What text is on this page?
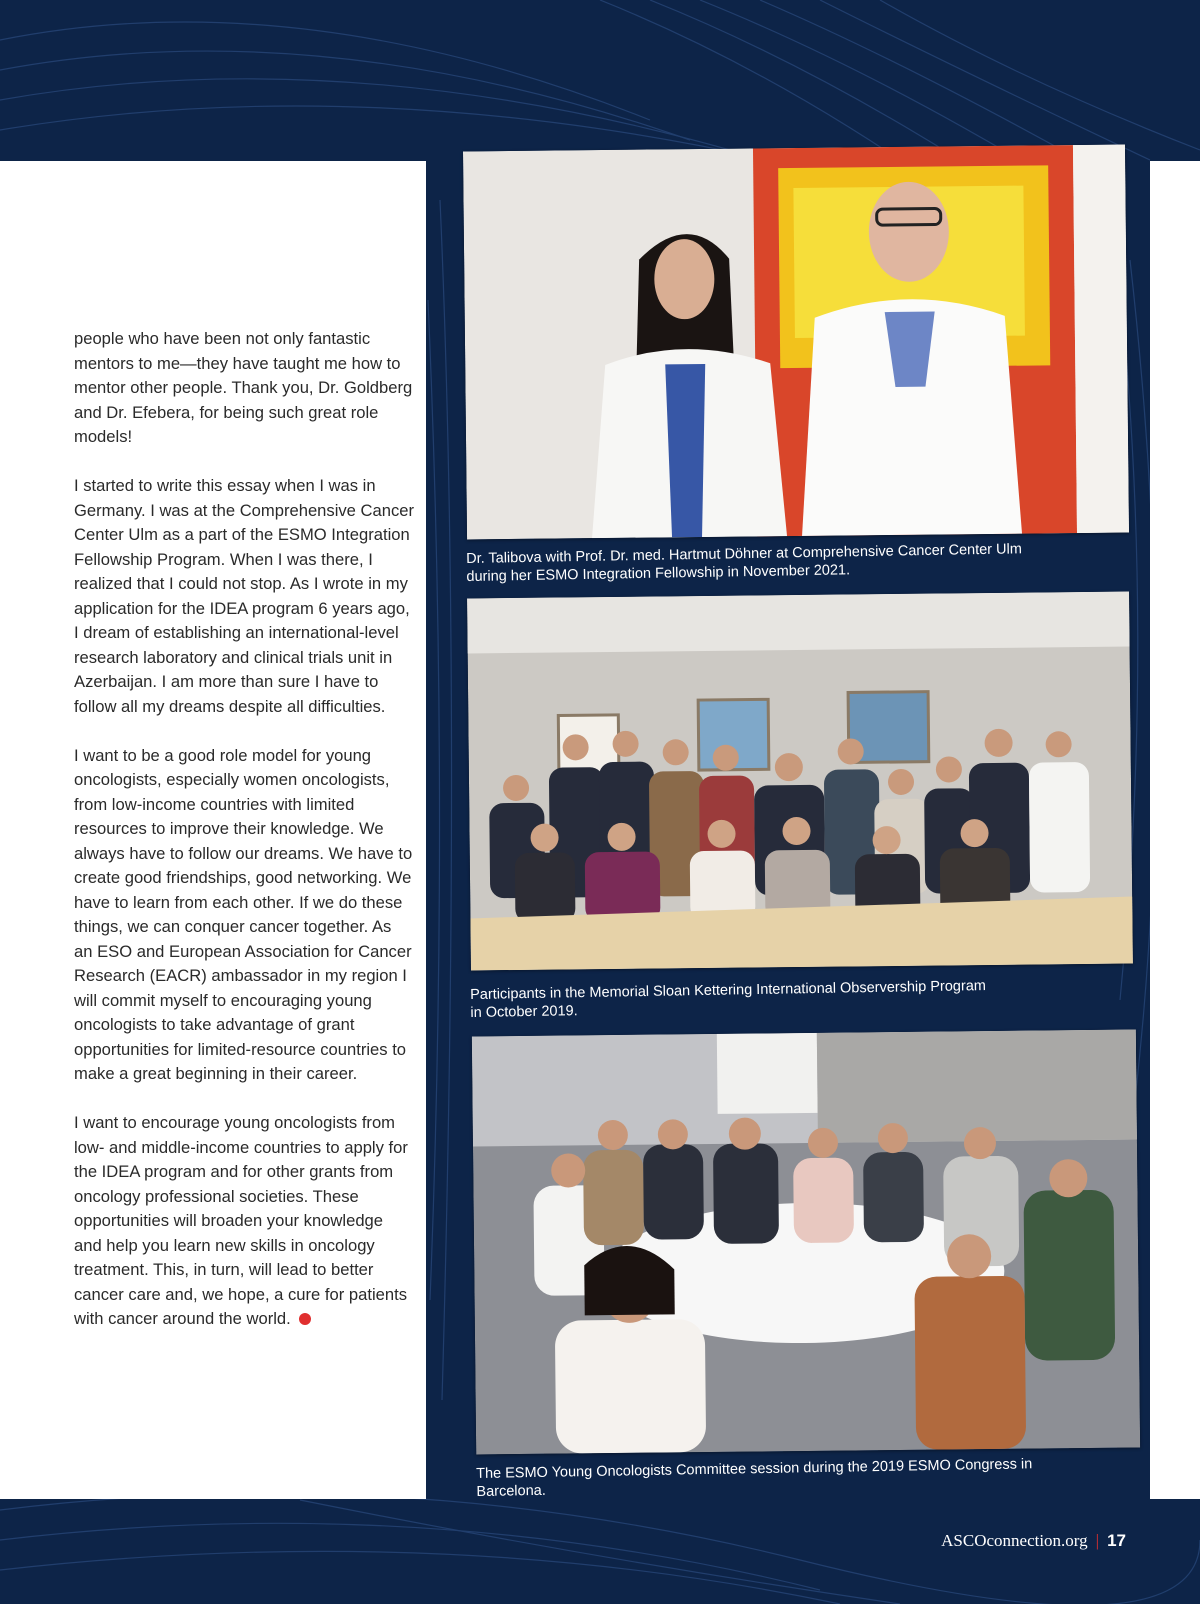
people who have been not only fantastic mentors to me—they have taught me how to mentor other people. Thank you, Dr. Goldberg and Dr. Efebera, for being such great role models!

I started to write this essay when I was in Germany. I was at the Comprehensive Cancer Center Ulm as a part of the ESMO Integration Fellowship Program. When I was there, I realized that I could not stop. As I wrote in my application for the IDEA program 6 years ago, I dream of establishing an international-level research laboratory and clinical trials unit in Azerbaijan. I am more than sure I have to follow all my dreams despite all difficulties.

I want to be a good role model for young oncologists, especially women oncologists, from low-income countries with limited resources to improve their knowledge. We always have to follow our dreams. We have to create good friendships, good networking. We have to learn from each other. If we do these things, we can conquer cancer together. As an ESO and European Association for Cancer Research (EACR) ambassador in my region I will commit myself to encouraging young oncologists to take advantage of grant opportunities for limited-resource countries to make a great beginning in their career.

I want to encourage young oncologists from low- and middle-income countries to apply for the IDEA program and for other grants from oncology professional societies. These opportunities will broaden your knowledge and help you learn new skills in oncology treatment. This, in turn, will lead to better cancer care and, we hope, a cure for patients with cancer around the world.

Dr. Talibova with Prof. Dr. med. Hartmut Döhner at Comprehensive Cancer Center Ulm
during her ESMO Integration Fellowship in November 2021.
Participants in the Memorial Sloan Kettering International Observership Program
in October 2019.
The ESMO Young Oncologists Committee session during the 2019 ESMO Congress in
Barcelona.
ASCOconnection.org | 17
